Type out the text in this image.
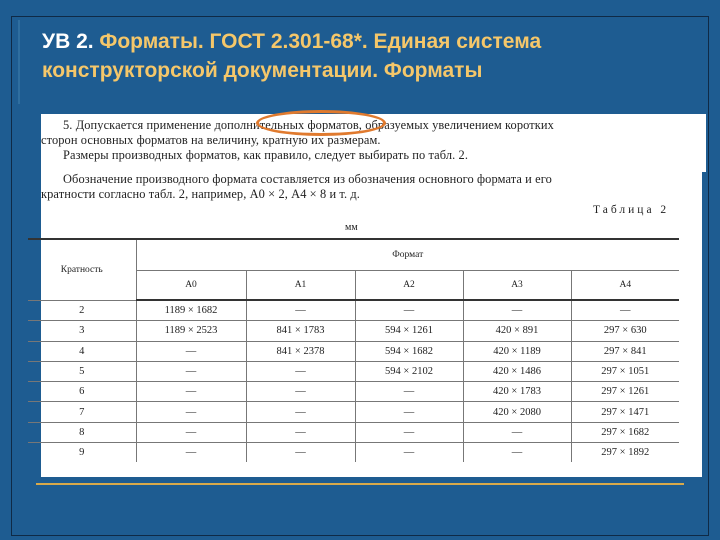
УВ 2. Форматы. ГОСТ 2.301-68*. Единая система
конструкторской документации. Форматы
5. Допускается применение дополнительных форматов, образуемых увеличением коротких
сторон основных форматов на величину, кратную их размерам.
Размеры производных форматов, как правило, следует выбирать по табл. 2.
Обозначение производного формата составляется из обозначения основного формата и его
кратности согласно табл. 2, например, А0 × 2, А4 × 8 и т. д.
Таблица 2
мм
Кратность	Формат				
	А0	А1	А2	А3	А4
2	1189 × 1682	—	—	—	—
3	1189 × 2523	841 × 1783	594 × 1261	420 × 891	297 × 630
4	—	841 × 2378	594 × 1682	420 × 1189	297 × 841
5	—	—	594 × 2102	420 × 1486	297 × 1051
6	—	—	—	420 × 1783	297 × 1261
7	—	—	—	420 × 2080	297 × 1471
8	—	—	—	—	297 × 1682
9	—	—	—	—	297 × 1892
